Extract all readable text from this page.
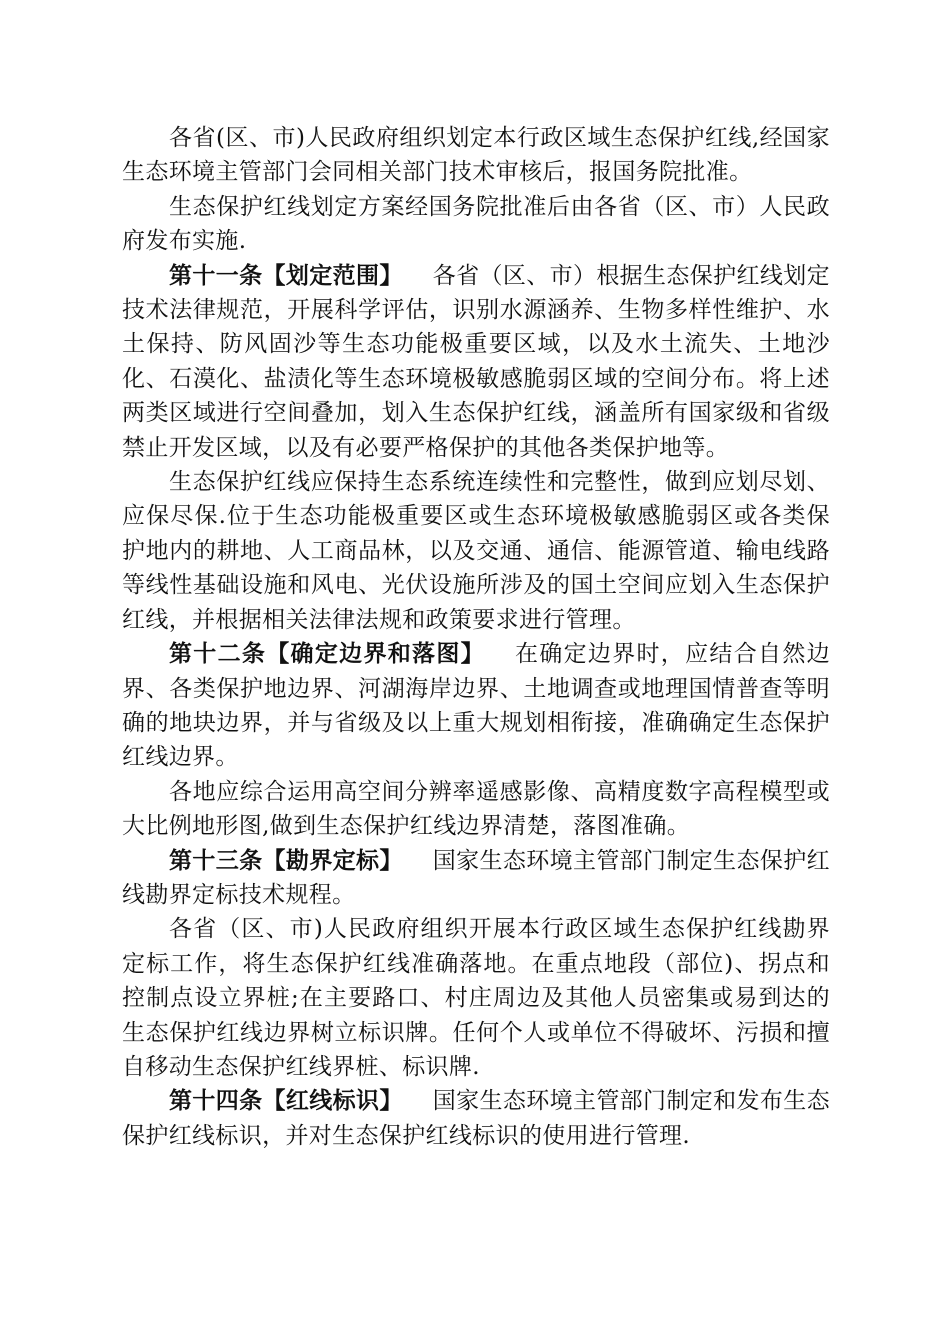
各省(区、市)人民政府组织划定本行政区域生态保护红线,经国家生态环境主管部门会同相关部门技术审核后，报国务院批准。

生态保护红线划定方案经国务院批准后由各省（区、市）人民政府发布实施.

第十一条【划定范围】 各省（区、市）根据生态保护红线划定技术法律规范，开展科学评估，识别水源涵养、生物多样性维护、水土保持、防风固沙等生态功能极重要区域，以及水土流失、土地沙化、石漠化、盐渍化等生态环境极敏感脆弱区域的空间分布。将上述两类区域进行空间叠加，划入生态保护红线，涵盖所有国家级和省级禁止开发区域，以及有必要严格保护的其他各类保护地等。

生态保护红线应保持生态系统连续性和完整性，做到应划尽划、应保尽保.位于生态功能极重要区或生态环境极敏感脆弱区或各类保护地内的耕地、人工商品林，以及交通、通信、能源管道、输电线路等线性基础设施和风电、光伏设施所涉及的国土空间应划入生态保护红线，并根据相关法律法规和政策要求进行管理。

第十二条【确定边界和落图】 在确定边界时，应结合自然边界、各类保护地边界、河湖海岸边界、土地调查或地理国情普查等明确的地块边界，并与省级及以上重大规划相衔接，准确确定生态保护红线边界。

各地应综合运用高空间分辨率遥感影像、高精度数字高程模型或大比例地形图,做到生态保护红线边界清楚，落图准确。

第十三条【勘界定标】 国家生态环境主管部门制定生态保护红线勘界定标技术规程。

各省（区、市)人民政府组织开展本行政区域生态保护红线勘界定标工作，将生态保护红线准确落地。在重点地段（部位)、拐点和控制点设立界桩;在主要路口、村庄周边及其他人员密集或易到达的生态保护红线边界树立标识牌。任何个人或单位不得破坏、污损和擅自移动生态保护红线界桩、标识牌.

第十四条【红线标识】 国家生态环境主管部门制定和发布生态保护红线标识，并对生态保护红线标识的使用进行管理.
